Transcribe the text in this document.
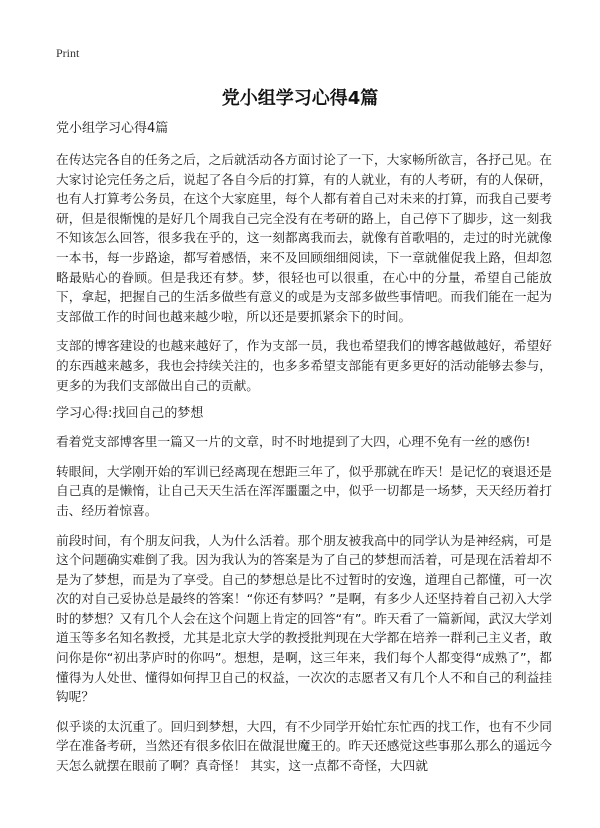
Print
党小组学习心得4篇

党小组学习心得4篇

在传达完各自的任务之后，之后就活动各方面讨论了一下，大家畅所欲言，各抒己见。在大家讨论完任务之后，说起了各自今后的打算，有的人就业，有的人考研，有的人保研，也有人打算考公务员，在这个大家庭里，每个人都有着自己对未来的打算，而我自己要考研，但是很惭愧的是好几个周我自己完全没有在考研的路上，自己停下了脚步，这一刻我不知该怎么回答，很多我在乎的，这一刻都离我而去，就像有首歌唱的，走过的时光就像一本书，每一步路途，都写着感悟，来不及回顾细细阅读，下一章就催促我上路，但却忽略最贴心的眷顾。但是我还有梦。梦，很轻也可以很重，在心中的分量，希望自己能放下，拿起，把握自己的生活多做些有意义的或是为支部多做些事情吧。而我们能在一起为支部做工作的时间也越来越少啦，所以还是要抓紧余下的时间。

支部的博客建设的也越来越好了，作为支部一员，我也希望我们的博客越做越好，希望好的东西越来越多，我也会持续关注的，也多多希望支部能有更多更好的活动能够去参与，更多的为我们支部做出自己的贡献。

学习心得:找回自己的梦想

看着党支部博客里一篇又一片的文章，时不时地提到了大四，心理不免有一丝的感伤!

转眼间，大学刚开始的军训已经离现在想距三年了，似乎那就在昨天！是记忆的衰退还是自己真的是懒惰，让自己天天生活在浑浑噩噩之中，似乎一切都是一场梦，天天经历着打击、经历着惊喜。

前段时间，有个朋友问我，人为什么活着。那个朋友被我高中的同学认为是神经病，可是这个问题确实难倒了我。因为我认为的答案是为了自己的梦想而活着，可是现在活着却不是为了梦想，而是为了享受。自己的梦想总是比不过暂时的安逸，道理自己都懂，可一次次的对自己妥协总是最终的答案！“你还有梦吗？”是啊，有多少人还坚持着自己初入大学时的梦想？又有几个人会在这个问题上肯定的回答“有”。昨天看了一篇新闻，武汉大学刘道玉等多名知名教授，尤其是北京大学的教授批判现在大学都在培养一群利己主义者，敢问你是你“初出茅庐时的你吗”。想想，是啊，这三年来，我们每个人都变得“成熟了”，都懂得为人处世、懂得如何捍卫自己的权益，一次次的志愿者又有几个人不和自己的利益挂钩呢？

似乎谈的太沉重了。回归到梦想，大四，有不少同学开始忙东忙西的找工作，也有不少同学在准备考研，当然还有很多依旧在做混世魔王的。昨天还感觉这些事那么那么的遥远今天怎么就摆在眼前了啊？真奇怪！ 其实，这一点都不奇怪，大四就
